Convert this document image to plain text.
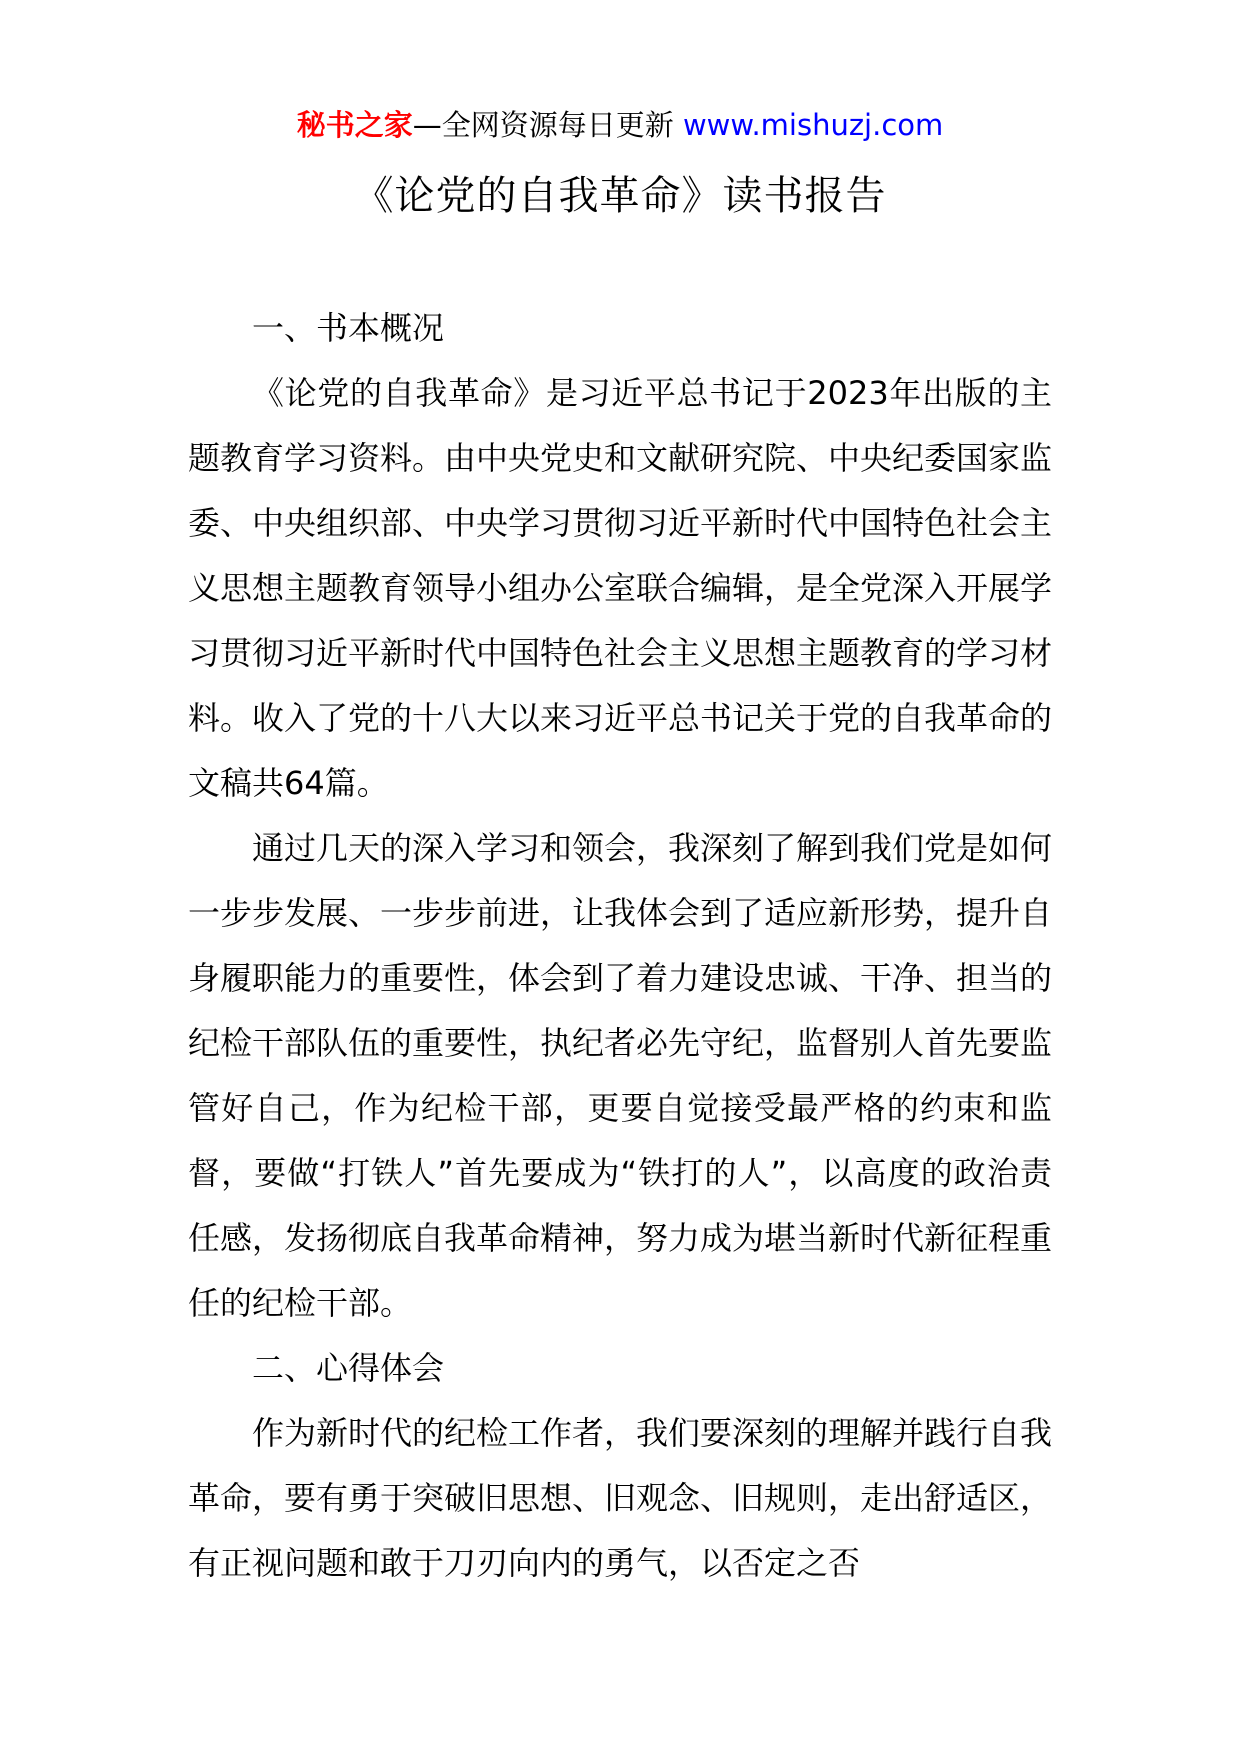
秘书之家—全网资源每日更新 www.mishuzj.com
《论党的自我革命》读书报告

一、书本概况

《论党的自我革命》是习近平总书记于2023年出版的主题教育学习资料。由中央党史和文献研究院、中央纪委国家监委、中央组织部、中央学习贯彻习近平新时代中国特色社会主义思想主题教育领导小组办公室联合编辑，是全党深入开展学习贯彻习近平新时代中国特色社会主义思想主题教育的学习材料。收入了党的十八大以来习近平总书记关于党的自我革命的文稿共64篇。

通过几天的深入学习和领会，我深刻了解到我们党是如何一步步发展、一步步前进，让我体会到了适应新形势，提升自身履职能力的重要性，体会到了着力建设忠诚、干净、担当的纪检干部队伍的重要性，执纪者必先守纪，监督别人首先要监管好自己，作为纪检干部，更要自觉接受最严格的约束和监督，要做“打铁人”首先要成为“铁打的人”，以高度的政治责任感，发扬彻底自我革命精神，努力成为堪当新时代新征程重任的纪检干部。

二、心得体会

作为新时代的纪检工作者，我们要深刻的理解并践行自我革命，要有勇于突破旧思想、旧观念、旧规则，走出舒适区，有正视问题和敢于刀刃向内的勇气，以否定之否
